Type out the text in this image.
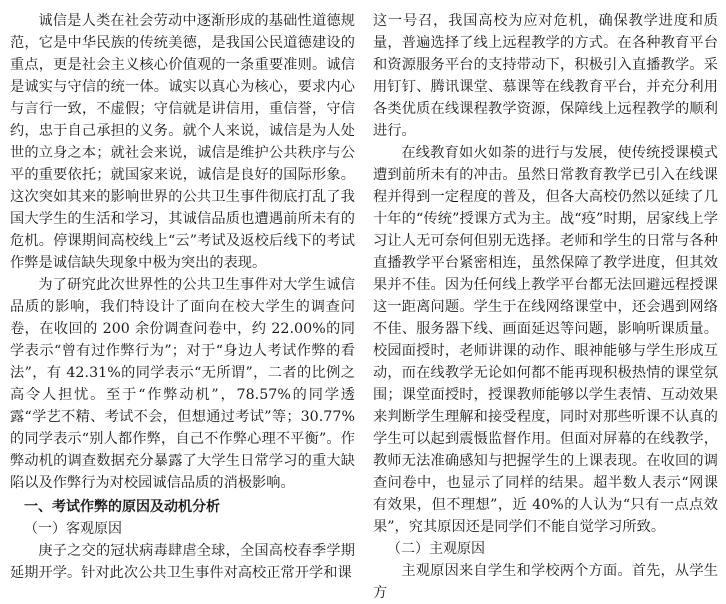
诚信是人类在社会劳动中逐渐形成的基础性道德规范，它是中华民族的传统美德，是我国公民道德建设的重点，更是社会主义核心价值观的一条重要准则。诚信是诚实与守信的统一体。诚实以真心为核心，要求内心与言行一致，不虚假；守信就是讲信用，重信誉，守信约，忠于自己承担的义务。就个人来说，诚信是为人处世的立身之本；就社会来说，诚信是维护公共秩序与公平的重要依托；就国家来说，诚信是良好的国际形象。这次突如其来的影响世界的公共卫生事件彻底打乱了我国大学生的生活和学习，其诚信品质也遭遇前所未有的危机。停课期间高校线上“云”考试及返校后线下的考试作弊是诚信缺失现象中极为突出的表现。

为了研究此次世界性的公共卫生事件对大学生诚信品质的影响，我们特设计了面向在校大学生的调查问卷，在收回的 200 余份调查问卷中，约 22.00%的同学表示“曾有过作弊行为”；对于“身边人考试作弊的看法”，有 42.31%的同学表示“无所谓”，二者的比例之高令人担忧。至于“作弊动机”，78.57%的同学透露“学艺不精、考试不会，但想通过考试”等；30.77%的同学表示“别人都作弊，自己不作弊心理不平衡”。作弊动机的调查数据充分暴露了大学生日常学习的重大缺陷以及作弊行为对校园诚信品质的消极影响。

一、考试作弊的原因及动机分析
（一）客观原因

庚子之交的冠状病毒肆虐全球，全国高校春季学期延期开学。针对此次公共卫生事件对高校正常开学和课

这一号召，我国高校为应对危机，确保教学进度和质量，普遍选择了线上远程教学的方式。在各种教育平台和资源服务平台的支持带动下，积极引入直播教学。采用钉钉、腾讯课堂、慕课等在线教育平台，并充分利用各类优质在线课程教学资源，保障线上远程教学的顺利进行。

在线教育如火如荼的进行与发展，使传统授课模式遭到前所未有的冲击。虽然日常教育教学已引入在线课程并得到一定程度的普及，但各大高校仍然以延续了几十年的“传统”授课方式为主。战“疫”时期，居家线上学习让人无可奈何但别无选择。老师和学生的日常与各种直播教学平台紧密相连，虽然保障了教学进度，但其效果并不佳。因为任何线上教学平台都无法回避远程授课这一距离问题。学生于在线网络课堂中，还会遇到网络不佳、服务器下线、画面延迟等问题，影响听课质量。校园面授时，老师讲课的动作、眼神能够与学生形成互动，而在线教学无论如何都不能再现积极热情的课堂氛围；课堂面授时，授课教师能够以学生表情、互动效果来判断学生理解和接受程度，同时对那些听课不认真的学生可以起到震慑监督作用。但面对屏幕的在线教学，教师无法准确感知与把握学生的上课表现。在收回的调查问卷中，也显示了同样的结果。超半数人表示“网课有效果，但不理想”，近 40%的人认为“只有一点点效果”，究其原因还是同学们不能自觉学习所致。

（二）主观原因

主观原因来自学生和学校两个方面。首先，从学生方
